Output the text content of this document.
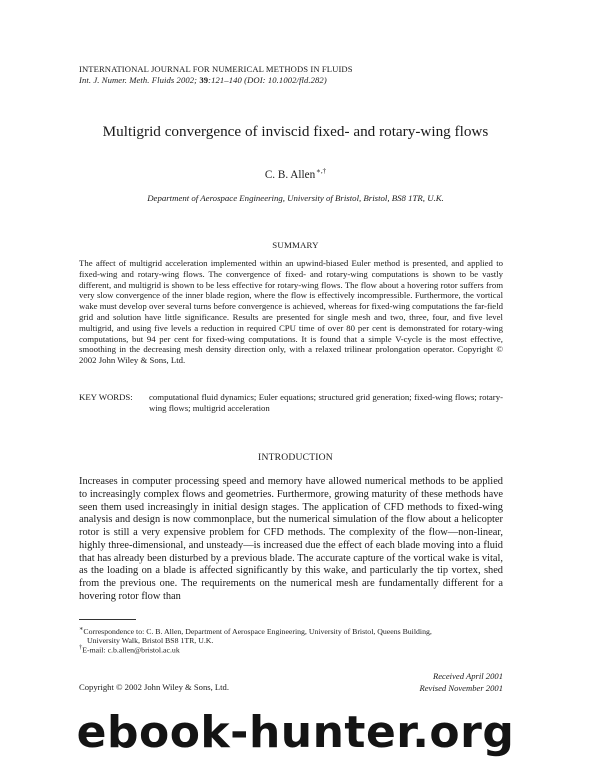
INTERNATIONAL JOURNAL FOR NUMERICAL METHODS IN FLUIDS
Int. J. Numer. Meth. Fluids 2002; 39:121–140 (DOI: 10.1002/fld.282)
Multigrid convergence of inviscid fixed- and rotary-wing flows
C. B. Allen∗,†
Department of Aerospace Engineering, University of Bristol, Bristol, BS8 1TR, U.K.
SUMMARY

The affect of multigrid acceleration implemented within an upwind-biased Euler method is presented, and applied to fixed-wing and rotary-wing flows. The convergence of fixed- and rotary-wing computations is shown to be vastly different, and multigrid is shown to be less effective for rotary-wing flows. The flow about a hovering rotor suffers from very slow convergence of the inner blade region, where the flow is effectively incompressible. Furthermore, the vortical wake must develop over several turns before convergence is achieved, whereas for fixed-wing computations the far-field grid and solution have little significance. Results are presented for single mesh and two, three, four, and five level multigrid, and using five levels a reduction in required CPU time of over 80 per cent is demonstrated for rotary-wing computations, but 94 per cent for fixed-wing computations. It is found that a simple V-cycle is the most effective, smoothing in the decreasing mesh density direction only, with a relaxed trilinear prolongation operator. Copyright © 2002 John Wiley & Sons, Ltd.

KEY WORDS:	computational fluid dynamics; Euler equations; structured grid generation; fixed-wing flows; rotary-wing flows; multigrid acceleration
INTRODUCTION

Increases in computer processing speed and memory have allowed numerical methods to be applied to increasingly complex flows and geometries. Furthermore, growing maturity of these methods have seen them used increasingly in initial design stages. The application of CFD methods to fixed-wing analysis and design is now commonplace, but the numerical simulation of the flow about a helicopter rotor is still a very expensive problem for CFD methods. The complexity of the flow—non-linear, highly three-dimensional, and unsteady—is increased due the effect of each blade moving into a fluid that has already been disturbed by a previous blade. The accurate capture of the vortical wake is vital, as the loading on a blade is affected significantly by this wake, and particularly the tip vortex, shed from the previous one. The requirements on the numerical mesh are fundamentally different for a hovering rotor flow than

∗Correspondence to: C. B. Allen, Department of Aerospace Engineering, University of Bristol, Queens Building,
University Walk, Bristol BS8 1TR, U.K.
†E-mail: c.b.allen@bristol.ac.uk
Received April 2001
Revised November 2001
Copyright © 2002 John Wiley & Sons, Ltd.
ebook-hunter.org
